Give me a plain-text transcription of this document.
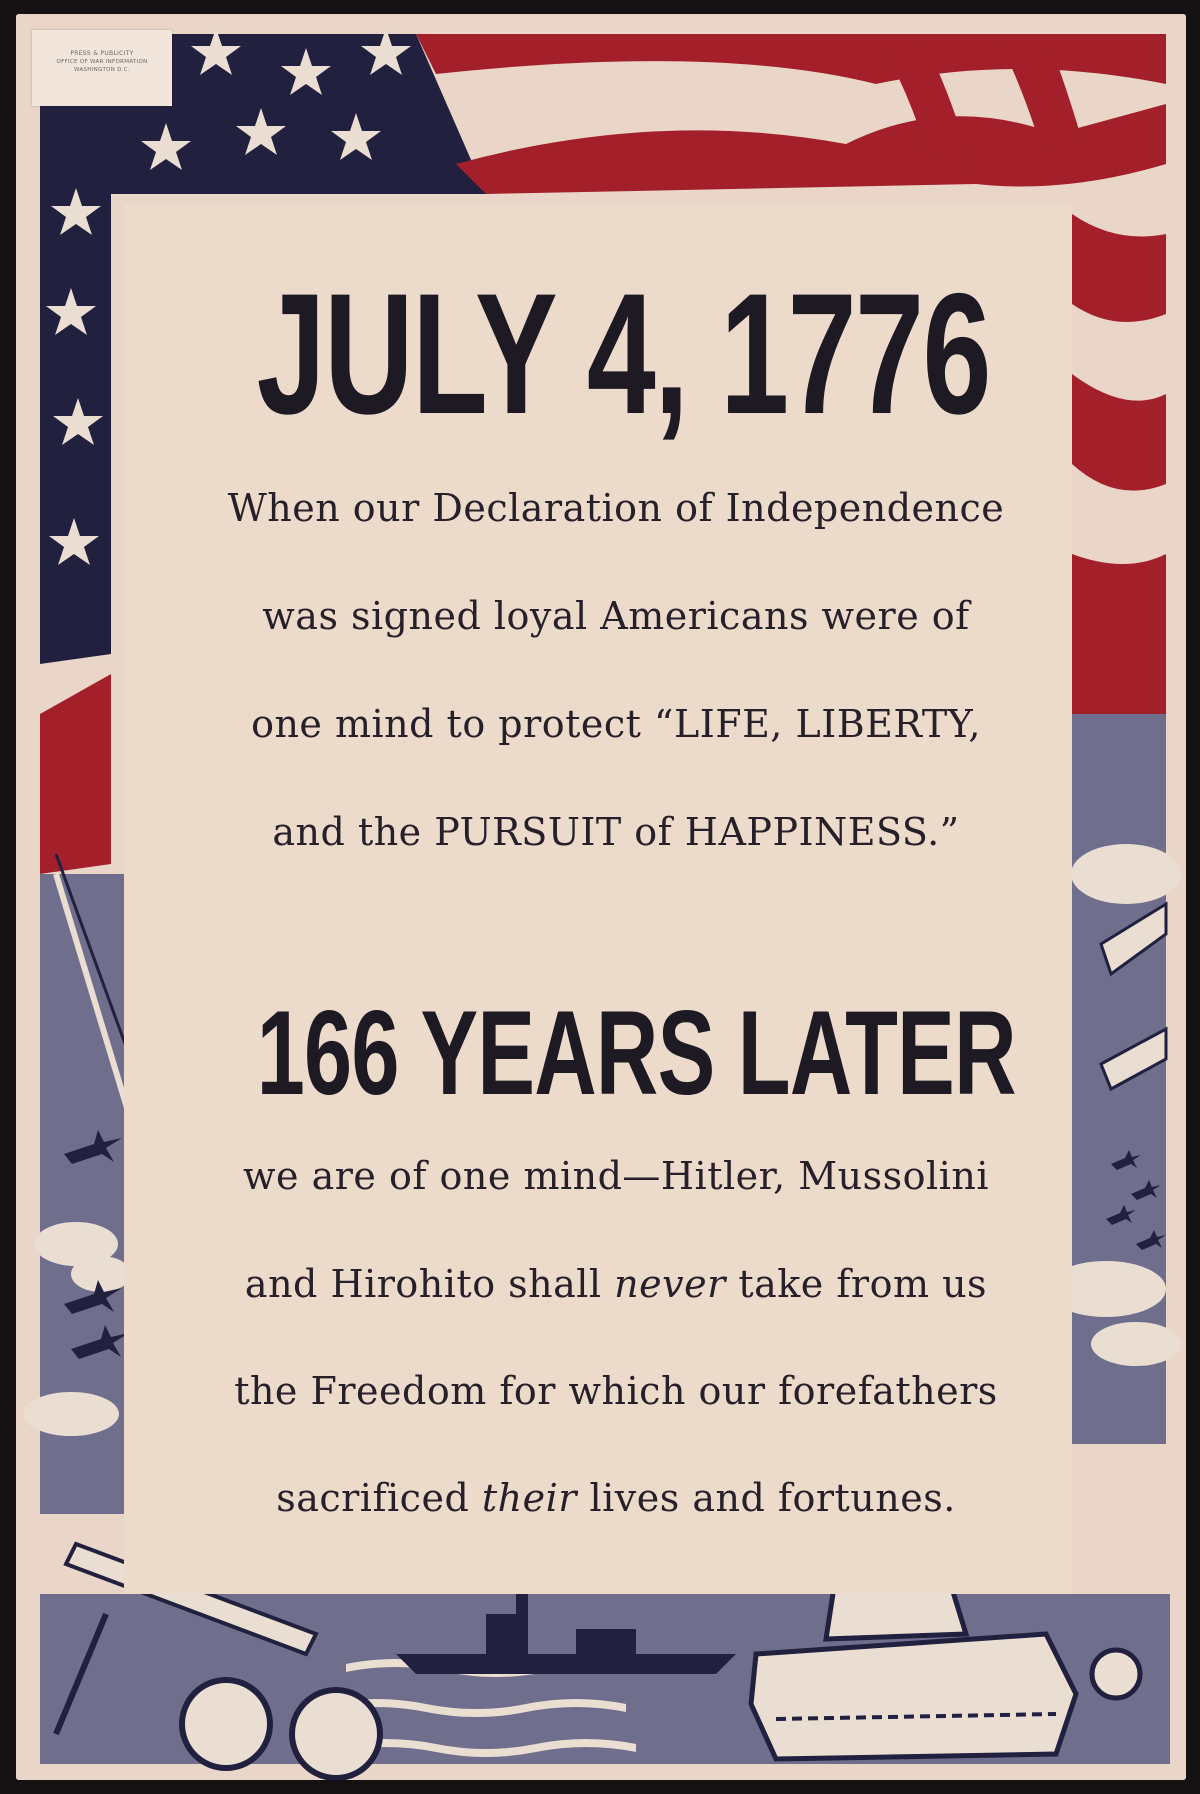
PRESS & PUBLICITY
OFFICE OF WAR INFORMATION
WASHINGTON D.C.
JULY 4, 1776

When our Declaration of Independence

was signed loyal Americans were of

one mind to protect “LIFE, LIBERTY,

and the PURSUIT of HAPPINESS.”

166 YEARS LATER

we are of one mind—Hitler, Mussolini

and Hirohito shall never take from us

the Freedom for which our forefathers

sacrificed their lives and fortunes.
